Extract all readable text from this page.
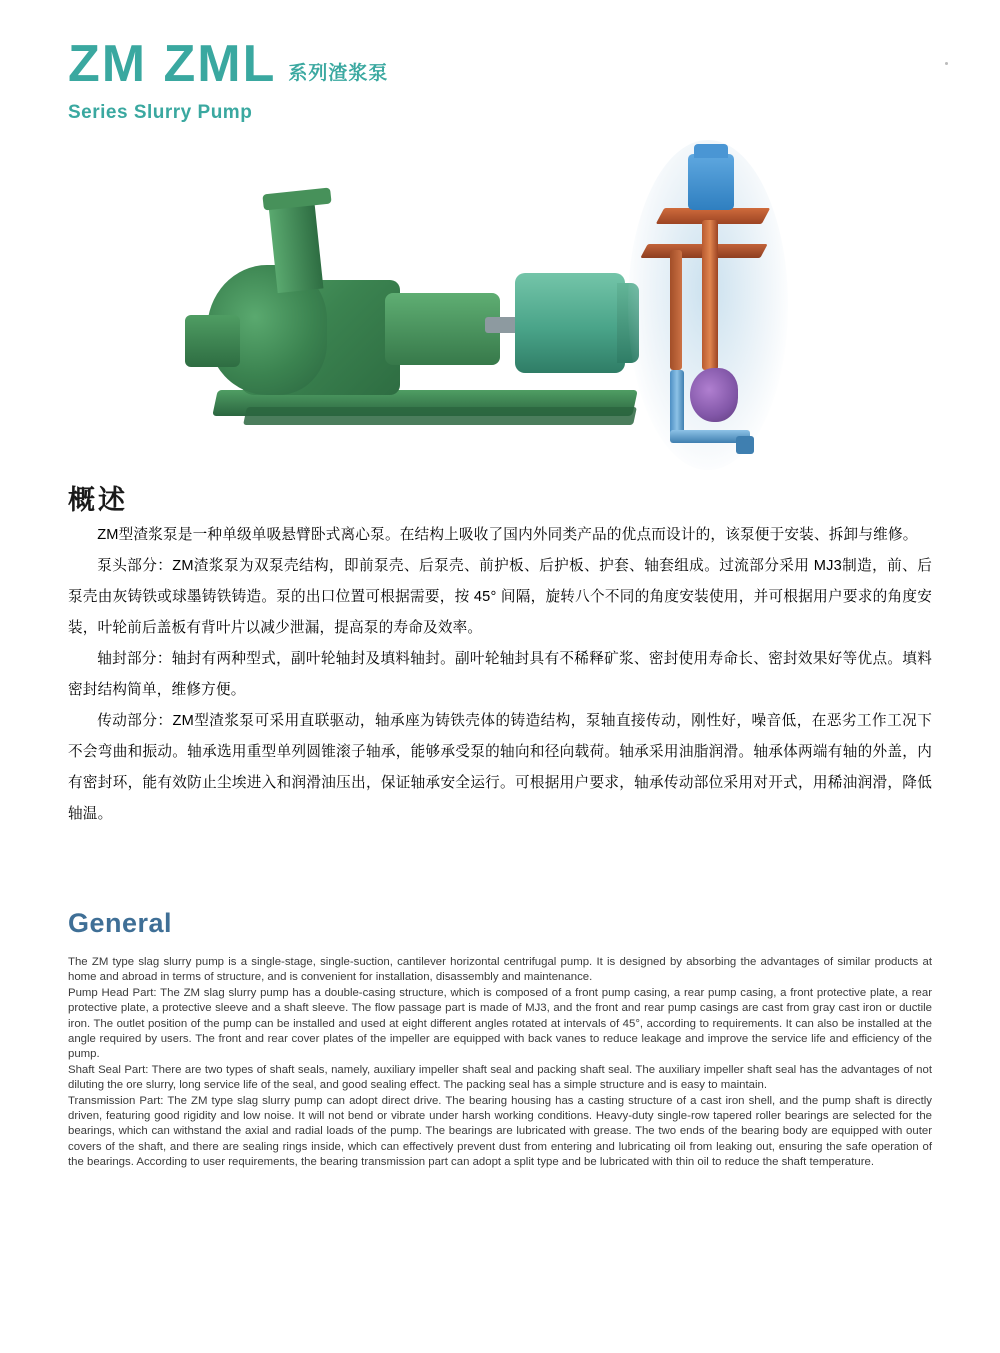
ZM ZML 系列渣浆泵
Series Slurry Pump
概述

ZM型渣浆泵是一种单级单吸悬臂卧式离心泵。在结构上吸收了国内外同类产品的优点而设计的，该泵便于安装、拆卸与维修。

泵头部分：ZM渣浆泵为双泵壳结构，即前泵壳、后泵壳、前护板、后护板、护套、轴套组成。过流部分采用 MJ3制造，前、后泵壳由灰铸铁或球墨铸铁铸造。泵的出口位置可根据需要，按 45° 间隔，旋转八个不同的角度安装使用，并可根据用户要求的角度安装，叶轮前后盖板有背叶片以减少泄漏，提高泵的寿命及效率。

轴封部分：轴封有两种型式，副叶轮轴封及填料轴封。副叶轮轴封具有不稀释矿浆、密封使用寿命长、密封效果好等优点。填料密封结构简单，维修方便。

传动部分：ZM型渣浆泵可采用直联驱动，轴承座为铸铁壳体的铸造结构，泵轴直接传动，刚性好，噪音低，在恶劣工作工况下不会弯曲和振动。轴承选用重型单列圆锥滚子轴承，能够承受泵的轴向和径向载荷。轴承采用油脂润滑。轴承体两端有轴的外盖，内有密封环，能有效防止尘埃进入和润滑油压出，保证轴承安全运行。可根据用户要求，轴承传动部位采用对开式，用稀油润滑，降低轴温。

General

The ZM type slag slurry pump is a single-stage, single-suction, cantilever horizontal centrifugal pump. It is designed by absorbing the advantages of similar products at home and abroad in terms of structure, and is convenient for installation, disassembly and maintenance.

Pump Head Part: The ZM slag slurry pump has a double-casing structure, which is composed of a front pump casing, a rear pump casing, a front protective plate, a rear protective plate, a protective sleeve and a shaft sleeve. The flow passage part is made of MJ3, and the front and rear pump casings are cast from gray cast iron or ductile iron. The outlet position of the pump can be installed and used at eight different angles rotated at intervals of 45°, according to requirements. It can also be installed at the angle required by users. The front and rear cover plates of the impeller are equipped with back vanes to reduce leakage and improve the service life and efficiency of the pump.

Shaft Seal Part: There are two types of shaft seals, namely, auxiliary impeller shaft seal and packing shaft seal. The auxiliary impeller shaft seal has the advantages of not diluting the ore slurry, long service life of the seal, and good sealing effect. The packing seal has a simple structure and is easy to maintain.

Transmission Part: The ZM type slag slurry pump can adopt direct drive. The bearing housing has a casting structure of a cast iron shell, and the pump shaft is directly driven, featuring good rigidity and low noise. It will not bend or vibrate under harsh working conditions. Heavy-duty single-row tapered roller bearings are selected for the bearings, which can withstand the axial and radial loads of the pump. The bearings are lubricated with grease. The two ends of the bearing body are equipped with outer covers of the shaft, and there are sealing rings inside, which can effectively prevent dust from entering and lubricating oil from leaking out, ensuring the safe operation of the bearings. According to user requirements, the bearing transmission part can adopt a split type and be lubricated with thin oil to reduce the shaft temperature.
